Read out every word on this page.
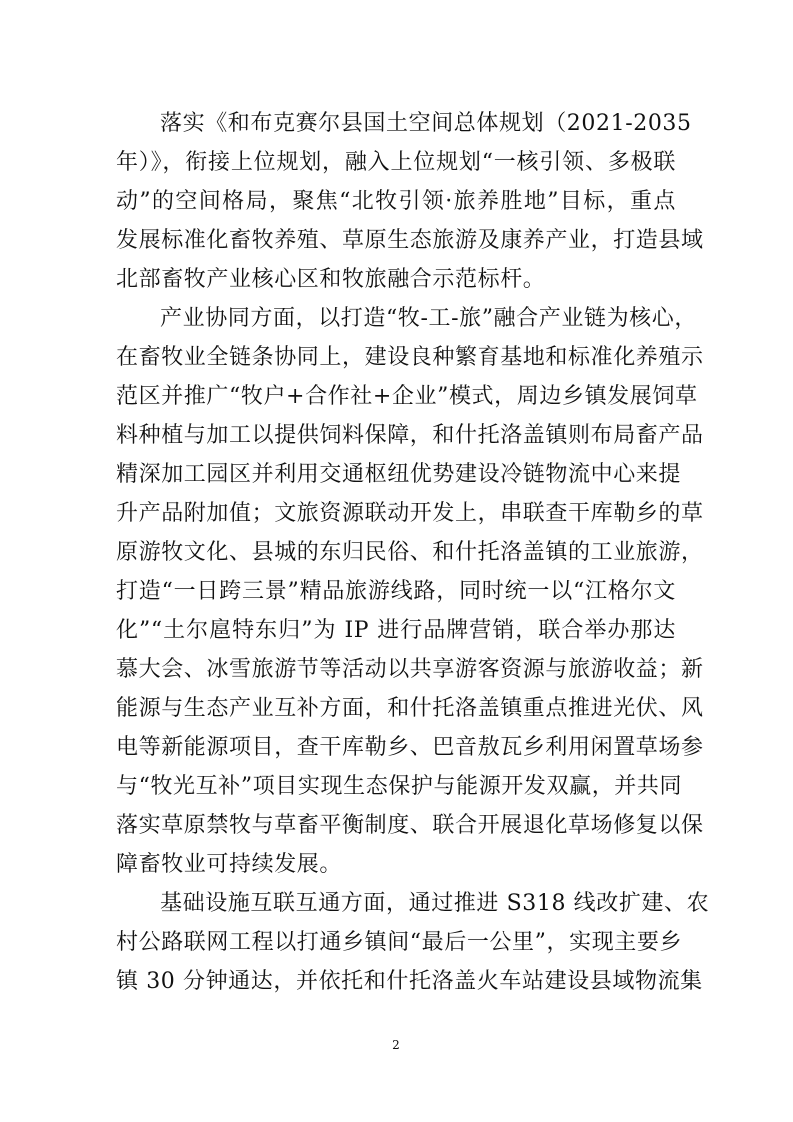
落实《和布克赛尔县国土空间总体规划（2021-2035
年）》，衔接上位规划，融入上位规划“一核引领、多极联
动”的空间格局，聚焦“北牧引领·旅养胜地”目标，重点
发展标准化畜牧养殖、草原生态旅游及康养产业，打造县域
北部畜牧产业核心区和牧旅融合示范标杆。
产业协同方面，以打造“牧-工-旅”融合产业链为核心，
在畜牧业全链条协同上，建设良种繁育基地和标准化养殖示
范区并推广“牧户+合作社+企业”模式，周边乡镇发展饲草
料种植与加工以提供饲料保障，和什托洛盖镇则布局畜产品
精深加工园区并利用交通枢纽优势建设冷链物流中心来提
升产品附加值；文旅资源联动开发上，串联查干库勒乡的草
原游牧文化、县城的东归民俗、和什托洛盖镇的工业旅游，
打造“一日跨三景”精品旅游线路，同时统一以“江格尔文
化”“土尔扈特东归”为 IP 进行品牌营销，联合举办那达
慕大会、冰雪旅游节等活动以共享游客资源与旅游收益；新
能源与生态产业互补方面，和什托洛盖镇重点推进光伏、风
电等新能源项目，查干库勒乡、巴音敖瓦乡利用闲置草场参
与“牧光互补”项目实现生态保护与能源开发双赢，并共同
落实草原禁牧与草畜平衡制度、联合开展退化草场修复以保
障畜牧业可持续发展。
基础设施互联互通方面，通过推进 S318 线改扩建、农
村公路联网工程以打通乡镇间“最后一公里”，实现主要乡
镇 30 分钟通达，并依托和什托洛盖火车站建设县域物流集
2
